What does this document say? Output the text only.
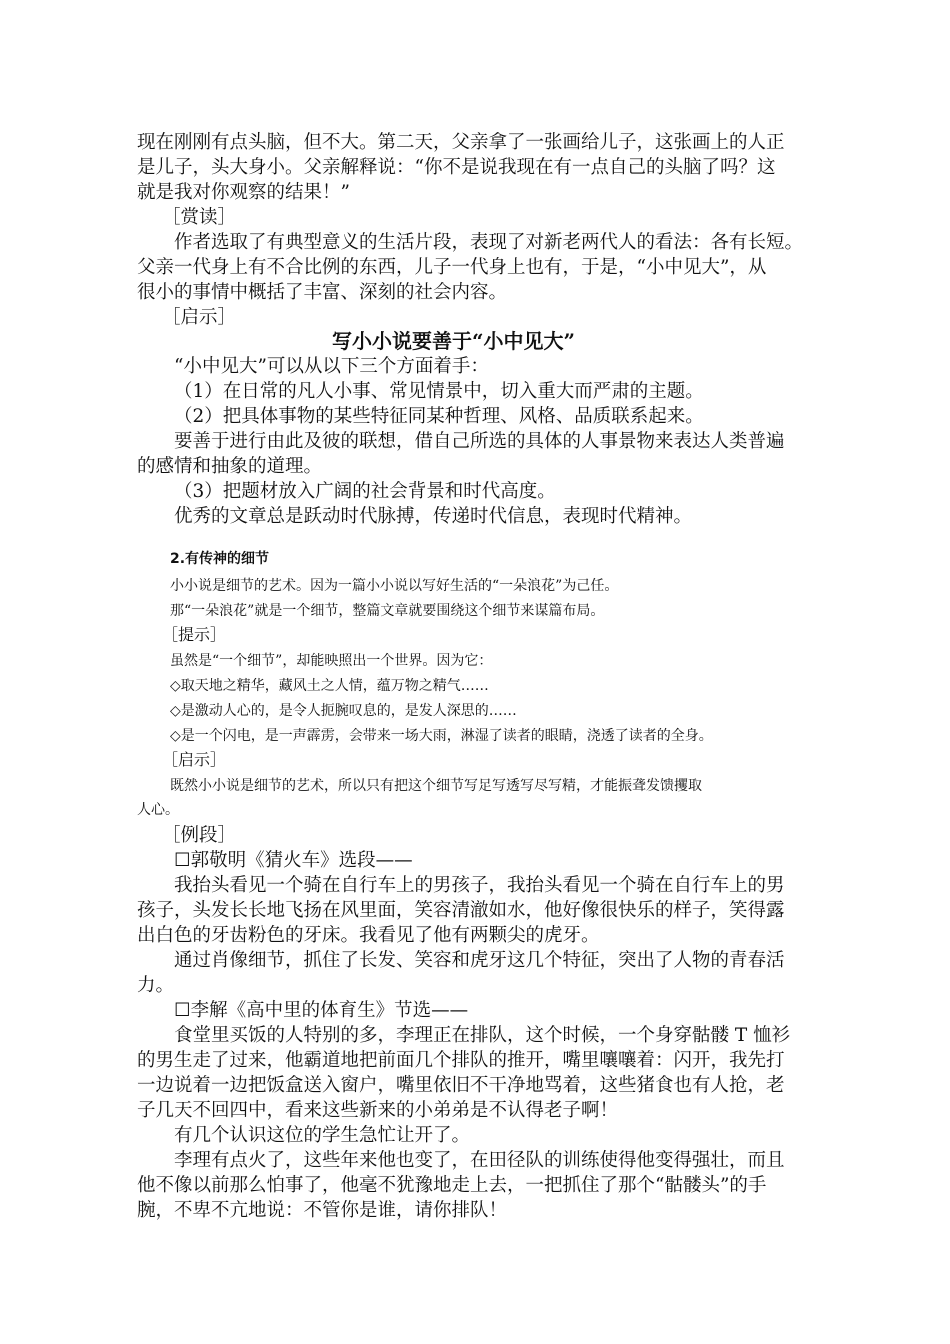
现在刚刚有点头脑，但不大。第二天，父亲拿了一张画给儿子，这张画上的人正

是儿子，头大身小。父亲解释说：“你不是说我现在有一点自己的头脑了吗？这

就是我对你观察的结果！”

［赏读］

作者选取了有典型意义的生活片段，表现了对新老两代人的看法：各有长短。

父亲一代身上有不合比例的东西，儿子一代身上也有，于是，“小中见大”，从

很小的事情中概括了丰富、深刻的社会内容。

［启示］

写小小说要善于“小中见大”

“小中见大”可以从以下三个方面着手：

（1）在日常的凡人小事、常见情景中，切入重大而严肃的主题。

（2）把具体事物的某些特征同某种哲理、风格、品质联系起来。

要善于进行由此及彼的联想，借自己所选的具体的人事景物来表达人类普遍

的感情和抽象的道理。

（3）把题材放入广阔的社会背景和时代高度。

优秀的文章总是跃动时代脉搏，传递时代信息，表现时代精神。

2.有传神的细节

小小说是细节的艺术。因为一篇小小说以写好生活的“一朵浪花”为己任。

那“一朵浪花”就是一个细节，整篇文章就要围绕这个细节来谋篇布局。

［提示］

虽然是“一个细节”，却能映照出一个世界。因为它：

◇取天地之精华，藏风土之人情，蕴万物之精气……

◇是激动人心的，是令人扼腕叹息的，是发人深思的……

◇是一个闪电，是一声霹雳，会带来一场大雨，淋湿了读者的眼睛，浇透了读者的全身。

［启示］

既然小小说是细节的艺术，所以只有把这个细节写足写透写尽写精，才能振聋发馈攫取

人心。

［例段］

☐郭敬明《猜火车》选段——

我抬头看见一个骑在自行车上的男孩子，我抬头看见一个骑在自行车上的男

孩子，头发长长地飞扬在风里面，笑容清澈如水，他好像很快乐的样子，笑得露

出白色的牙齿粉色的牙床。我看见了他有两颗尖的虎牙。

通过肖像细节，抓住了长发、笑容和虎牙这几个特征，突出了人物的青春活

力。

☐李解《高中里的体育生》节选——

食堂里买饭的人特别的多，李理正在排队，这个时候，一个身穿骷髅 T 恤衫

的男生走了过来，他霸道地把前面几个排队的推开，嘴里嚷嚷着：闪开，我先打

一边说着一边把饭盒送入窗户，嘴里依旧不干净地骂着，这些猪食也有人抢，老

子几天不回四中，看来这些新来的小弟弟是不认得老子啊！

有几个认识这位的学生急忙让开了。

李理有点火了，这些年来他也变了，在田径队的训练使得他变得强壮，而且

他不像以前那么怕事了，他毫不犹豫地走上去，一把抓住了那个“骷髅头”的手

腕，不卑不亢地说：不管你是谁，请你排队！
